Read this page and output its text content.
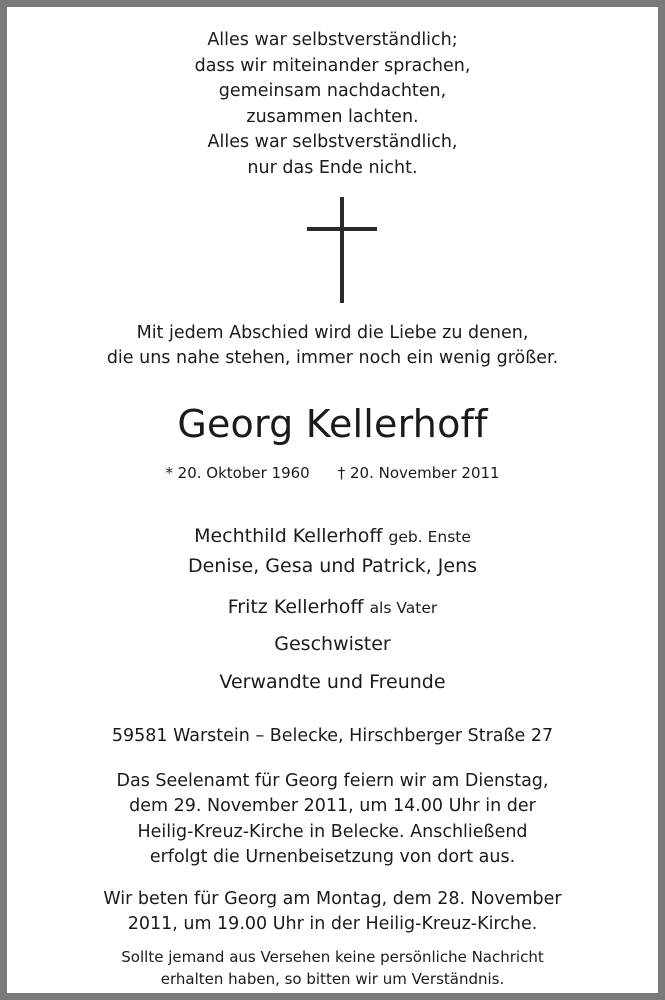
Alles war selbstverständlich;
dass wir miteinander sprachen,
gemeinsam nachdachten,
zusammen lachten.
Alles war selbstverständlich,
nur das Ende nicht.
Mit jedem Abschied wird die Liebe zu denen,
die uns nahe stehen, immer noch ein wenig größer.
Georg Kellerhoff
* 20. Oktober 1960 † 20. November 2011
Mechthild Kellerhoff geb. Enste
Denise, Gesa und Patrick, Jens
Fritz Kellerhoff als Vater
Geschwister
Verwandte und Freunde
59581 Warstein – Belecke, Hirschberger Straße 27
Das Seelenamt für Georg feiern wir am Dienstag,
dem 29. November 2011, um 14.00 Uhr in der
Heilig-Kreuz-Kirche in Belecke. Anschließend
erfolgt die Urnenbeisetzung von dort aus.
Wir beten für Georg am Montag, dem 28. November
2011, um 19.00 Uhr in der Heilig-Kreuz-Kirche.
Sollte jemand aus Versehen keine persönliche Nachricht
erhalten haben, so bitten wir um Verständnis.
